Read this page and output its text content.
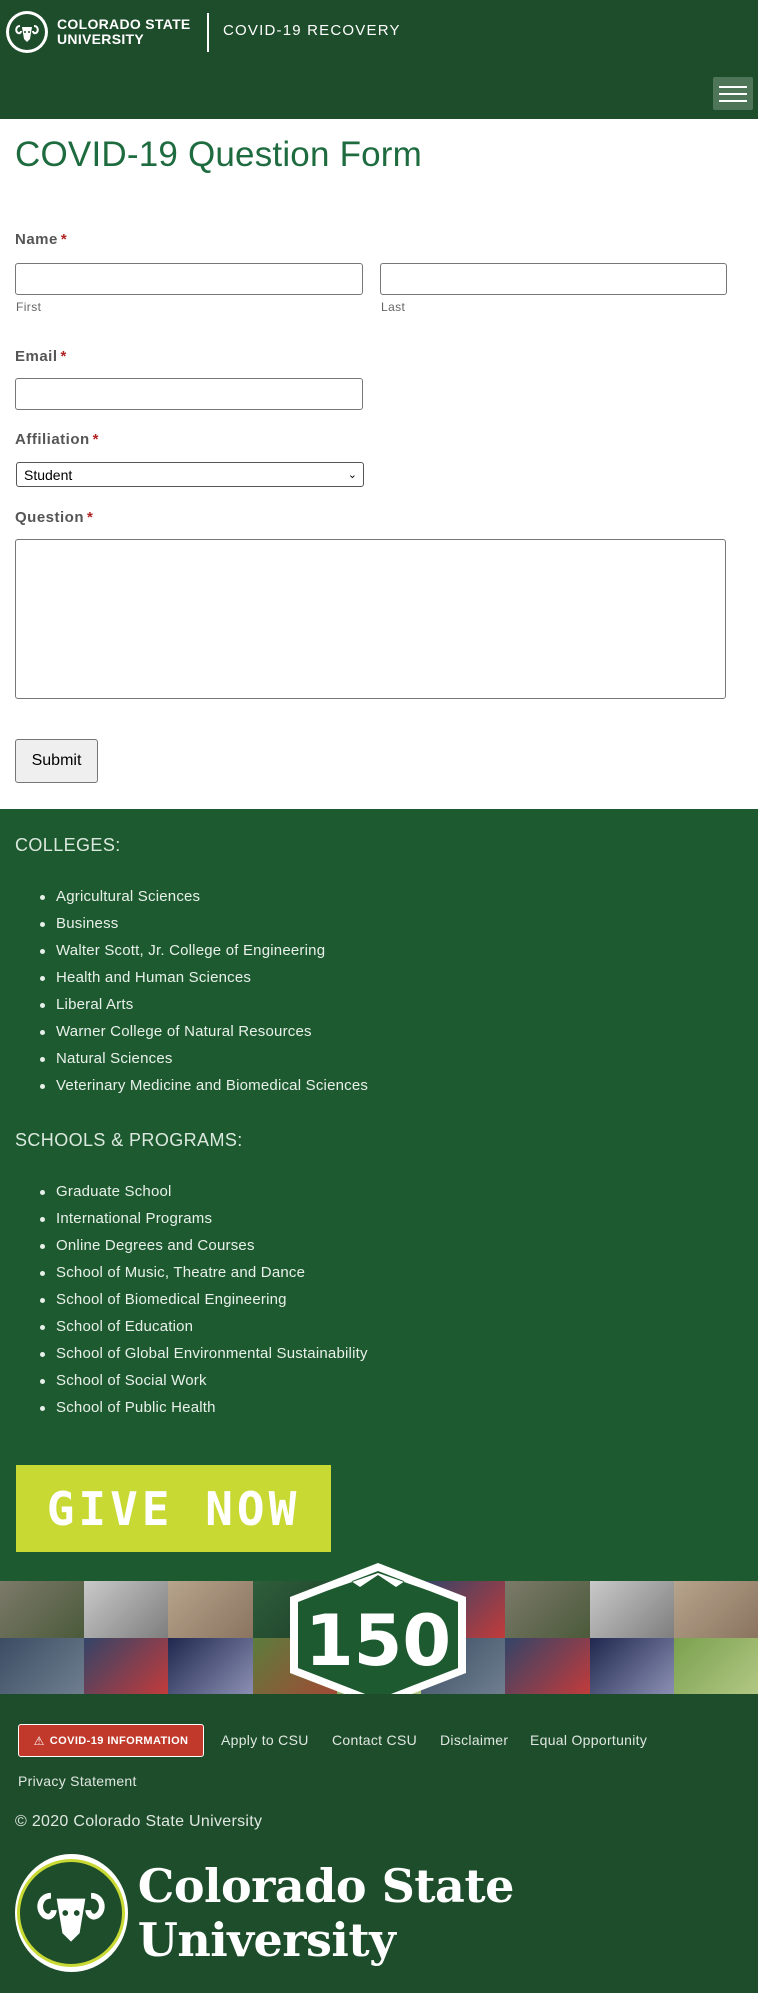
COLORADO STATE
UNIVERSITY	COVID-19 RECOVERY
COVID-19 Question Form
Name *
First	Last
Email *
Affiliation *
Student	⌄
Question *
Submit
COLLEGES:
Agricultural Sciences
Business
Walter Scott, Jr. College of Engineering
Health and Human Sciences
Liberal Arts
Warner College of Natural Resources
Natural Sciences
Veterinary Medicine and Biomedical Sciences
SCHOOLS & PROGRAMS:
Graduate School
International Programs
Online Degrees and Courses
School of Music, Theatre and Dance
School of Biomedical Engineering
School of Education
School of Global Environmental Sustainability
School of Social Work
School of Public Health
GIVE NOW
150
⚠ COVID-19 INFORMATION Apply to CSU Contact CSU Disclaimer Equal Opportunity
Privacy Statement
© 2020 Colorado State University
Colorado State University
